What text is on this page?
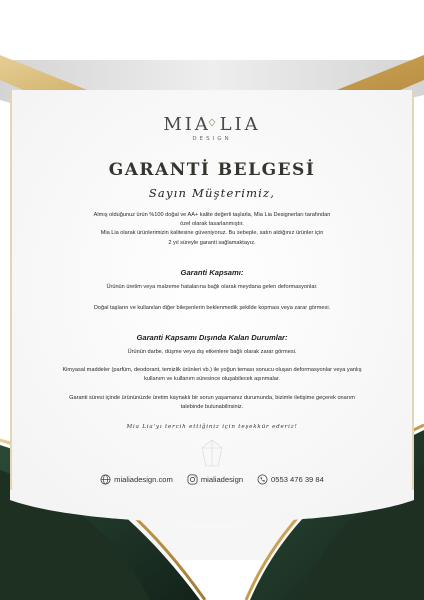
MIA LIA
DESIGN
GARANTİ BELGESİ
Sayın Müşterimiz,
Almış olduğunuz ürün %100 doğal ve AA+ kalite değerli taşlarla, Mia Lia Designerları tarafından
özel olarak tasarlanmıştır.
Mia Lia olarak ürünlerimizin kalitesine güveniyoruz. Bu sebeple, satın aldığınız ürünler için
2 yıl süreyle garanti sağlamaktayız.
Garanti Kapsamı:
Ürünün üretim veya malzeme hatalarına bağlı olarak meydana gelen deformasyonlar.
Doğal taşların ve kullanılan diğer bileşenlerin beklenmedik şekilde kopması veya zarar görmesi.
Garanti Kapsamı Dışında Kalan Durumlar:
Ürünün darbe, düşme veya dış etkenlere bağlı olarak zarar görmesi.
Kimyasal maddeler (parfüm, deodorant, temizlik ürünleri vb.) ile yoğun teması sonucu oluşan deformasyonlar veya yanlış
kullanım ve kullanım süresince oluşabilecek aşınmalar.
Garanti süresi içinde ürününüzde üretim kaynaklı bir sorun yaşamanız durumunda, bizimle iletişime geçerek onarım
talebinde bulunabilirsiniz.
Mia Lia'yı tercih ettiğiniz için teşekkür ederiz!
mialiadesign.com	mialiadesign	0553 476 39 84
